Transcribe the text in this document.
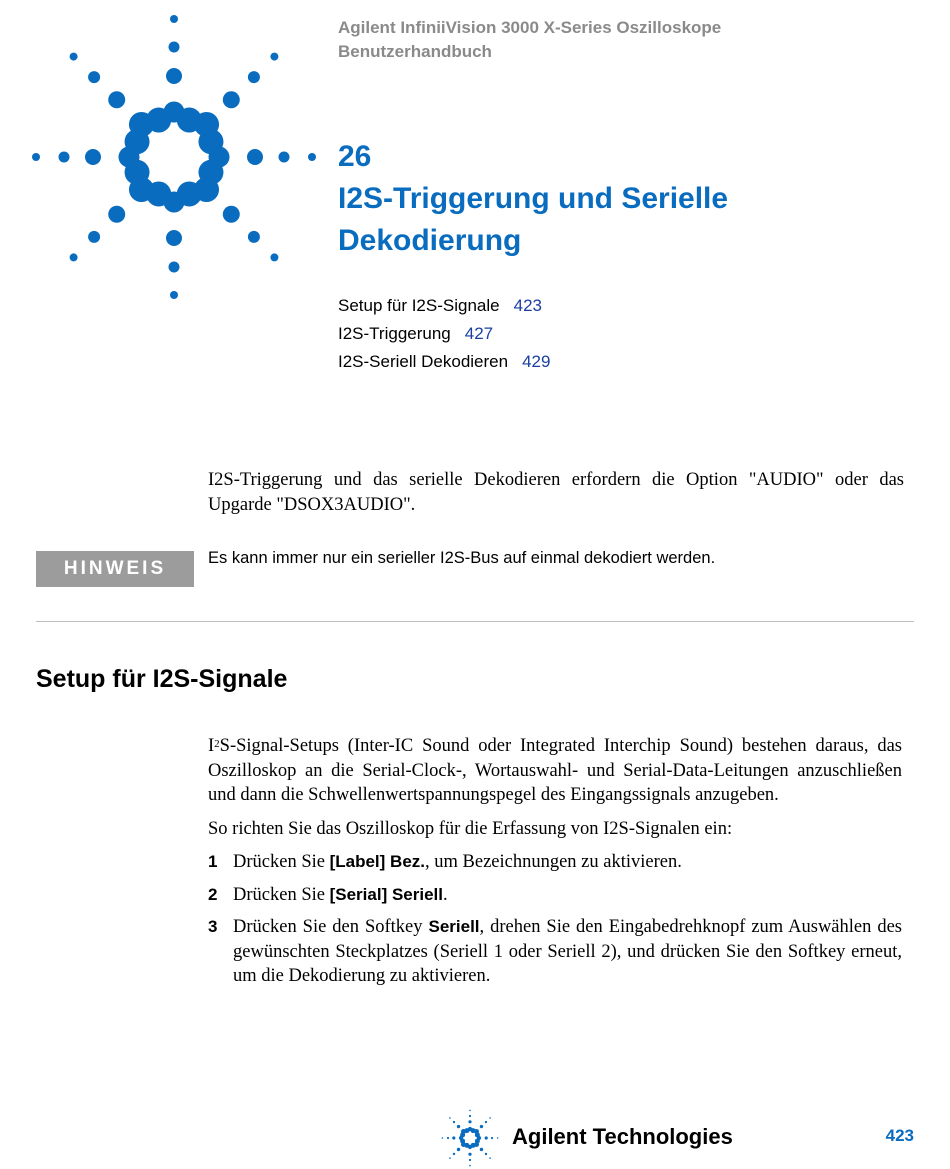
Agilent InfiniiVision 3000 X-Series Oszilloskope
Benutzerhandbuch
26
I2S-Triggerung und Serielle
Dekodierung
Setup für I2S-Signale 423
I2S-Triggerung 427
I2S-Seriell Dekodieren 429
I2S-Triggerung und das serielle Dekodieren erfordern die Option "AUDIO" oder das Upgarde "DSOX3AUDIO".
HINWEIS	Es kann immer nur ein serieller I2S-Bus auf einmal dekodiert werden.
Setup für I2S-Signale

$I^2S-Signal$-Setups (Inter-IC Sound oder Integrated Interchip Sound) bestehen daraus, das Oszilloskop an die Serial-Clock-, Wortauswahl- und Serial-Data-Leitungen anzuschließen und dann die Schwellenwertspannungspegel des Eingangssignals anzugeben.

So richten Sie das Oszilloskop für die Erfassung von I2S-Signalen ein:

1 Drücken Sie [Label] Bez., um Bezeichnungen zu aktivieren.
2 Drücken Sie [Serial] Seriell.
3 Drücken Sie den Softkey Seriell, drehen Sie den Eingabedrehknopf zum Auswählen des gewünschten Steckplatzes (Seriell 1 oder Seriell 2), und drücken Sie den Softkey erneut, um die Dekodierung zu aktivieren.
Agilent Technologies	423
